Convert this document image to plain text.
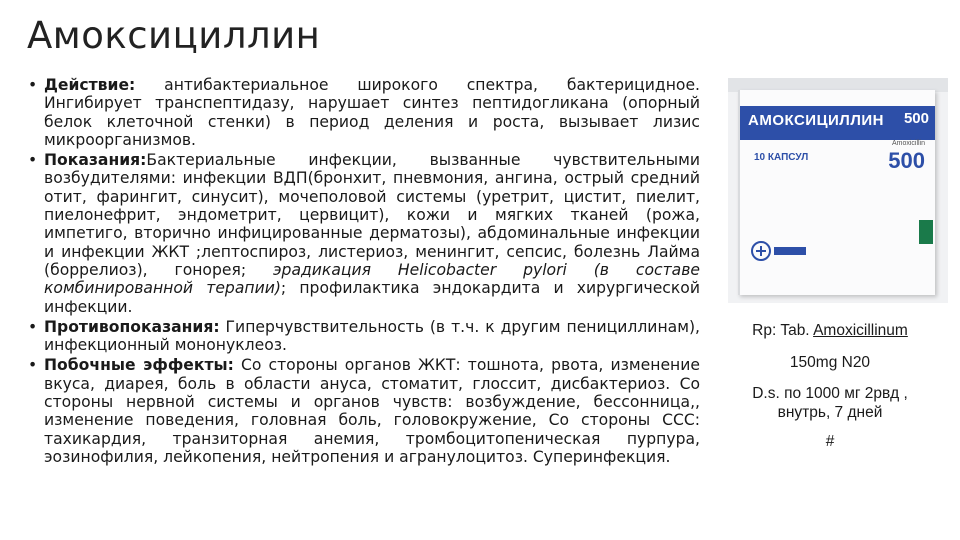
Амоксициллин

• Действие: антибактериальное широкого спектра, бактерицидное. Ингибирует транспептидазу, нарушает синтез пептидогликана (опорный белок клеточной стенки) в период деления и роста, вызывает лизис микроорганизмов.

• Показания:Бактериальные инфекции, вызванные чувствительными возбудителями: инфекции ВДП(бронхит, пневмония, ангина, острый средний отит, фарингит, синусит), мочеполовой системы (уретрит, цистит, пиелит, пиелонефрит, эндометрит, цервицит), кожи и мягких тканей (рожа, импетиго, вторично инфицированные дерматозы), абдоминальные инфекции и инфекции ЖКТ ;лептоспироз, листериоз, менингит, сепсис, болезнь Лайма (боррелиоз), гонорея; эрадикация Helicobacter pylori (в составе комбинированной терапии); профилактика эндокардита и хирургической инфекции.

• Противопоказания: Гиперчувствительность (в т.ч. к другим пенициллинам), инфекционный мононуклеоз.

• Побочные эффекты: Со стороны органов ЖКТ: тошнота, рвота, изменение вкуса, диарея, боль в области ануса, стоматит, глоссит, дисбактериоз. Со стороны нервной системы и органов чувств: возбуждение, бессонница,, изменение поведения, головная боль, головокружение, Со стороны ССС: тахикардия, транзиторная анемия, тромбоцитопеническая пурпура, эозинофилия, лейкопения, нейтропения и агранулоцитоз. Суперинфекция.

АМОКСИЦИЛЛИН 500
Amoxicillin
10 КАПСУЛ	500
Rp: Tab. Amoxicillinum
150mg N20
D.s. по 1000 мг 2рвд ,
внутрь, 7 дней
#
